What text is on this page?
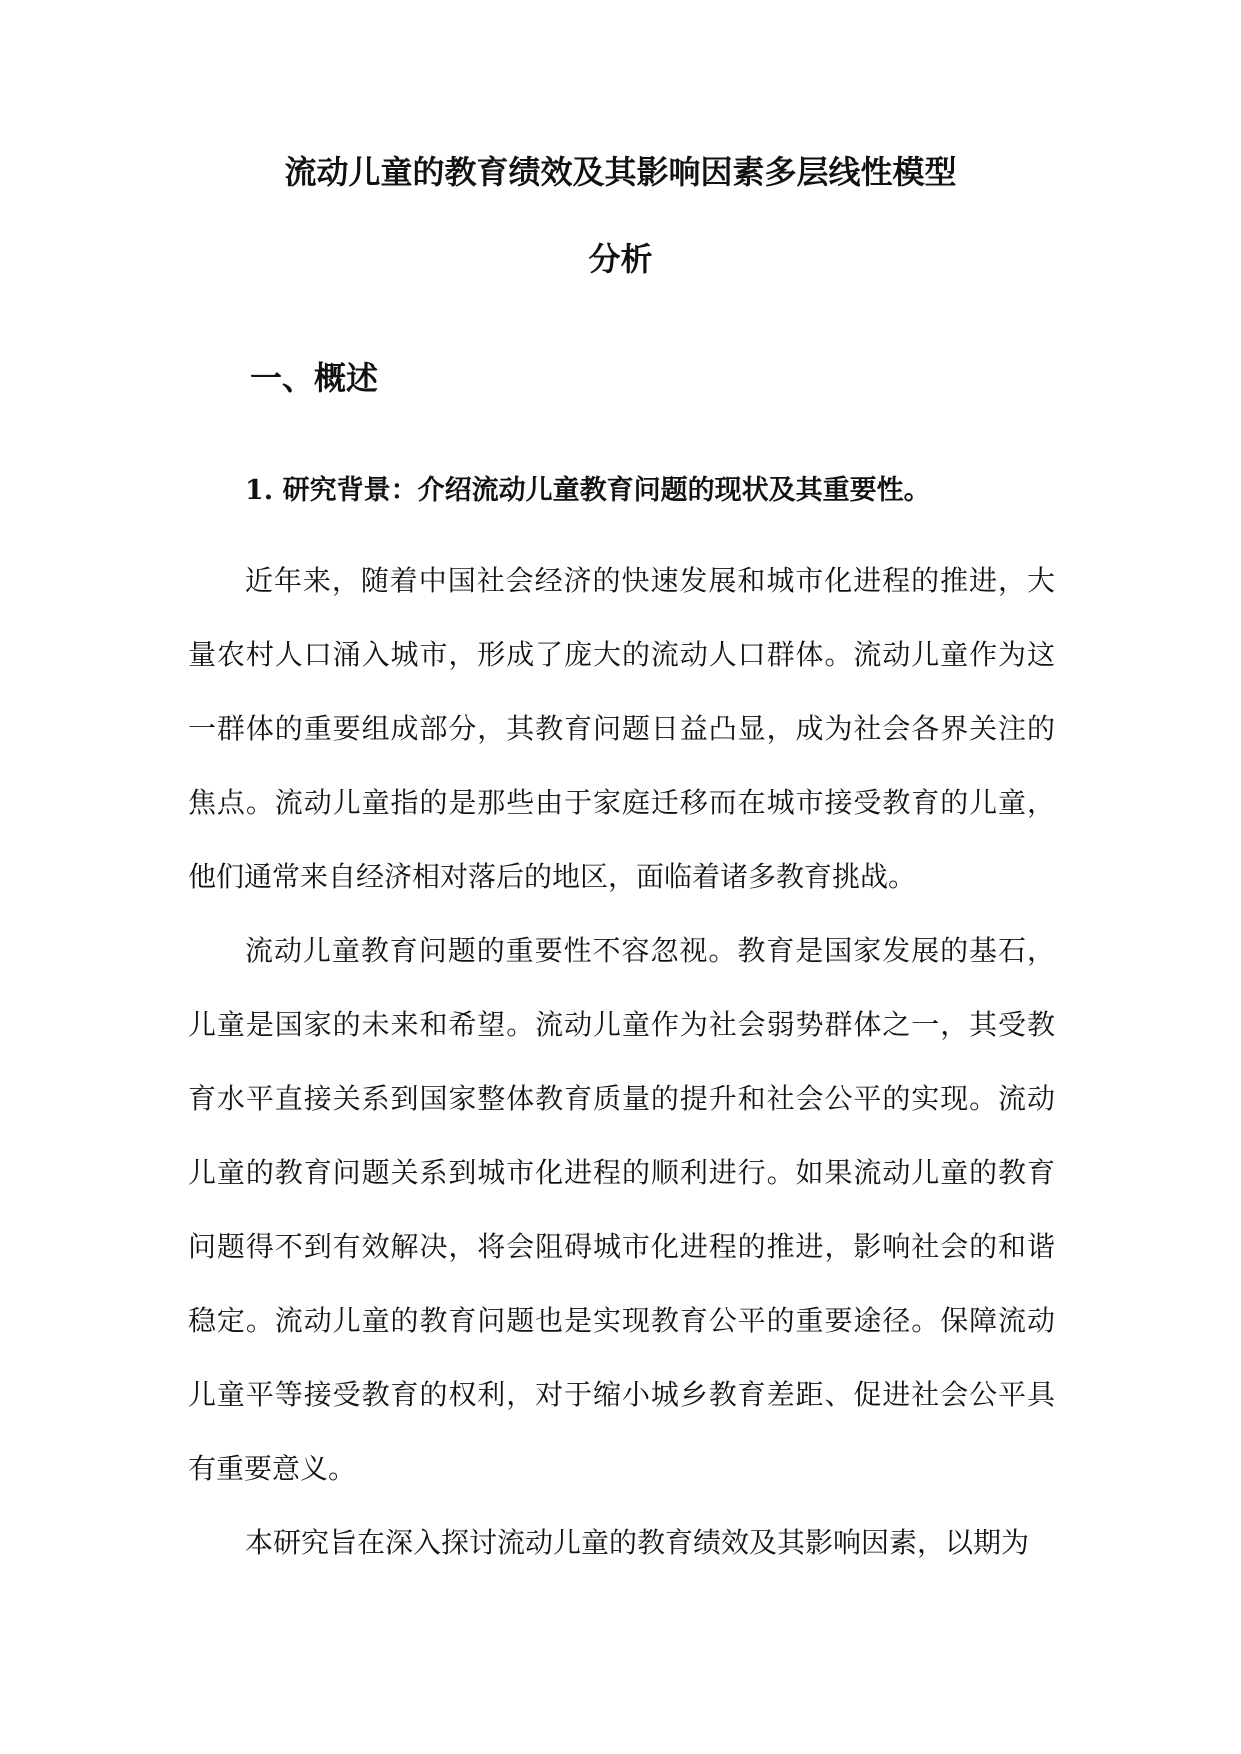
流动儿童的教育绩效及其影响因素多层线性模型
分析
一、概述
1. 研究背景：介绍流动儿童教育问题的现状及其重要性。

近年来，随着中国社会经济的快速发展和城市化进程的推进，大量农村人口涌入城市，形成了庞大的流动人口群体。流动儿童作为这一群体的重要组成部分，其教育问题日益凸显，成为社会各界关注的焦点。流动儿童指的是那些由于家庭迁移而在城市接受教育的儿童，他们通常来自经济相对落后的地区，面临着诸多教育挑战。

流动儿童教育问题的重要性不容忽视。教育是国家发展的基石，儿童是国家的未来和希望。流动儿童作为社会弱势群体之一，其受教育水平直接关系到国家整体教育质量的提升和社会公平的实现。流动儿童的教育问题关系到城市化进程的顺利进行。如果流动儿童的教育问题得不到有效解决，将会阻碍城市化进程的推进，影响社会的和谐稳定。流动儿童的教育问题也是实现教育公平的重要途径。保障流动儿童平等接受教育的权利，对于缩小城乡教育差距、促进社会公平具有重要意义。

本研究旨在深入探讨流动儿童的教育绩效及其影响因素，以期为
